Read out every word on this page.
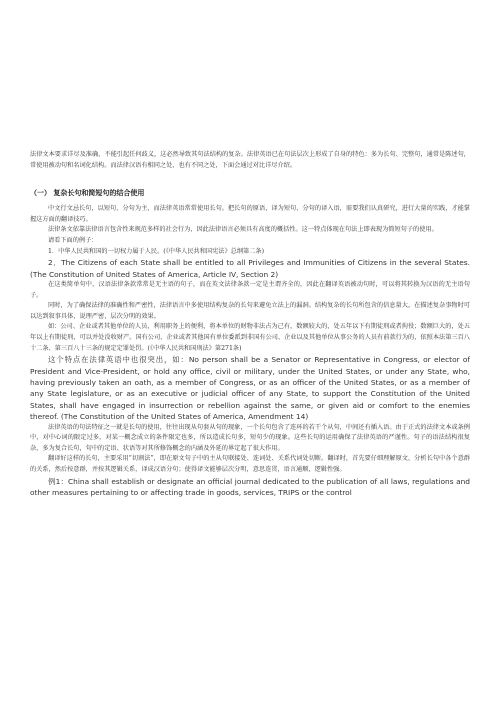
法律文本要求详尽及准确，不能引起任何歧义，这必然导致其句法结构的复杂。法律英语已在句法层次上形成了自身的特色：多为长句、完整句，通常是陈述句，常使用被动句和名词化结构。而法律汉语有相同之处，也有不同之处，下面会通过对比详尽介绍。

（一） 复杂长句和简短句的结合使用

中文行文忌长句，以短句、分句为主，而法律英语常常使用长句。把长句的原语，译为短句、分句的译入语，需要我们认真研究，进行大量的实践，才能掌握这方面的翻译技巧。

法律条文依靠法律语言包含性来规范多样的社会行为，因此法律语言必须具有高度的概括性。这一特点体现在句法上即表现为简短句子的使用。

请看下面的例子：

1．中华人民共和国的一切权力属于人民。(《中华人民共和国宪法》总纲第二条)

2．The Citizens of each State shall be entitled to all Privileges and Immunities of Citizens in the several States. (The Constitution of United States of America, Article IV, Section 2)

在这类简单句中，汉语法律条款常常是无主语的句子，而在英文法律条款一定是主谓齐全的，因此在翻译英语被动句时，可以将其转换为汉语的无主语句子。

同时，为了确保法律的准确性和严密性，法律语言中多使用结构复杂的长句来避免立法上的漏洞。结构复杂的长句所包含的信息量大，在描述复杂事物时可以达到叙事具体，说理严密，层次分明的效果。

如：公司、企业或者其他单位的人员，利用职务上的便利，将本单位的财物非法占为己有，数额较大的，处五年以下有期徒刑或者拘役；数额巨大的，处五年以上有期徒刑，可以并处没收财产。国有公司、企业或者其他国有单位委派到非国有公司、企业以及其他单位从事公务的人员有前款行为的，依照本法第三百八十二条、第三百八十三条的规定定罪处罚。(《中华人民共和国刑法》第271条)

这个特点在法律英语中也很突出，如：No person shall be a Senator or Representative in Congress, or elector of President and Vice-President, or hold any office, civil or military, under the United States, or under any State, who, having previously taken an oath, as a member of Congress, or as an officer of the United States, or as a member of any State legislature, or as an executive or judicial officer of any State, to support the Constitution of the United States, shall have engaged in insurrection or rebellion against the same, or given aid or comfort to the enemies thereof. (The Constitution of the United States of America, Amendment 14)

法律英语的句法特征之一就是长句的使用，往往出现从句套从句的现象，一个长句包含了连环的若干个从句，中间还有插入语。由于正式的法律文本或条例中，对中心词的限定过多，对某一概念成立的条件限定也多，所以造成长句多，短句少的现象。这些长句的运用确保了法律英语的严谨性。句子的语法结构很复杂，多为复合长句，句中的定语、状语等对其所修饰概念的内涵及外延的界定起了很大作用。

翻译好这样的长句，主要采用“切割法”，即在原文句子中的主从句联接处、连词处、关系代词处切断。翻译时，首先要仔细理解原文，分析长句中各个意群的关系，然后按意群，并按其逻辑关系，译成汉语分句；使得译文能够层次分明，意思连贯，语言通顺，逻辑性强。

例1：China shall establish or designate an official journal dedicated to the publication of all laws, regulations and other measures pertaining to or affecting trade in goods, services, TRIPS or the control
